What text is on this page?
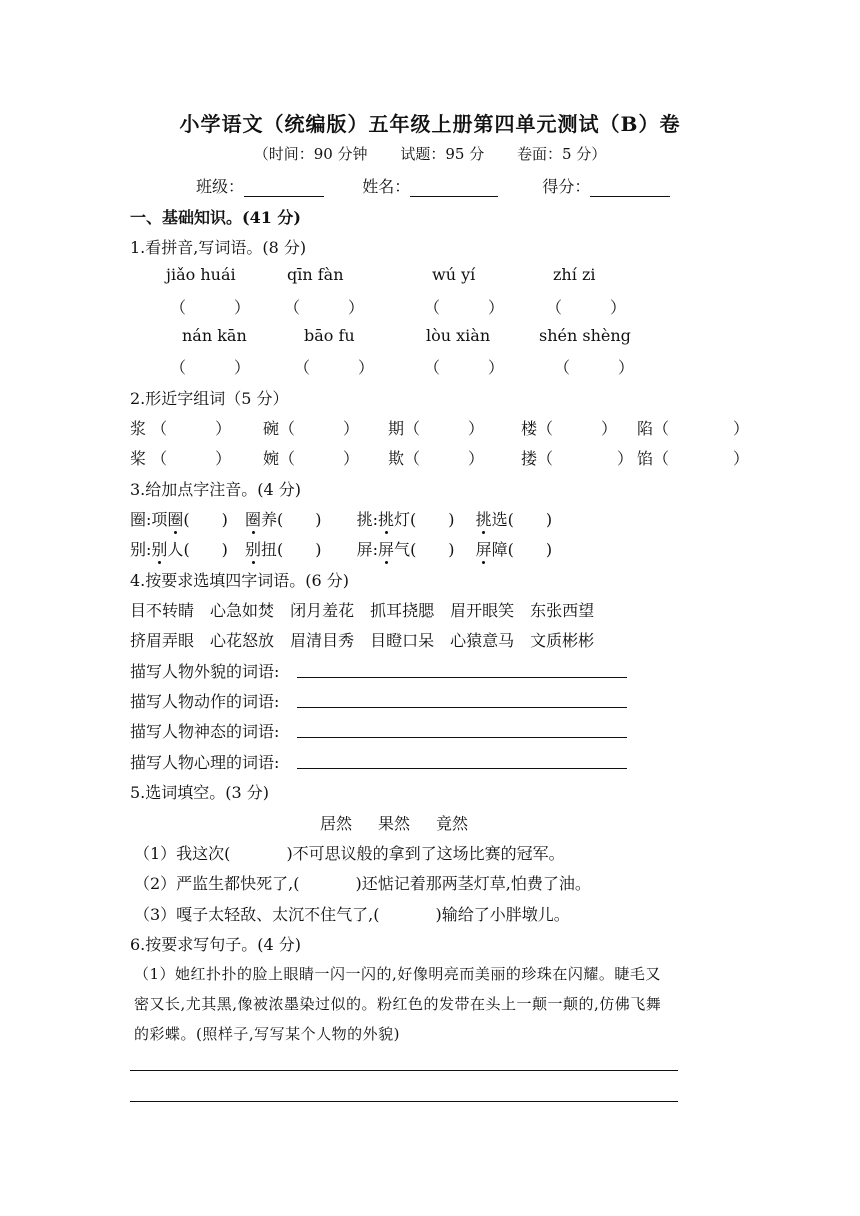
小学语文（统编版）五年级上册第四单元测试（B）卷
（时间：90 分钟 试题：95 分 卷面：5 分）
班级：	姓名：	得分：
一、基础知识。(41 分)
1.看拼音,写词语。(8 分)
jiǎo huái	qīn fàn	wú yí	zhí zi
（　　　） （　　　）	（　　　）	（　　　）
nán kān	bāo fu	lòu xiàn	shén shèng
（　　　）	（　　　）	（　　　）	（　　　）
2.形近字组词（5 分）
浆 （　　　） 碗（　　　） 期（　　　） 楼（　　　） 陷（　　　　）
桨 （　　　） 婉（　　　） 欺（　　　） 搂（　　　　） 馅（　　　　）
3.给加点字注音。(4 分)
圈:项圈(　　) 圈养(　　) 挑:挑灯(　　) 挑选(　　)
别:别人(　　) 别扭(　　) 屏:屏气(　　) 屏障(　　)
4.按要求选填四字词语。(6 分)
目不转睛　 心急如焚　 闭月羞花　 抓耳挠腮　 眉开眼笑　 东张西望
挤眉弄眼　 心花怒放　 眉清目秀　 目瞪口呆　 心猿意马　 文质彬彬
描写人物外貌的词语:
描写人物动作的词语:
描写人物神态的词语:
描写人物心理的词语:
5.选词填空。(3 分)
居然 果然 竟然
（1）我这次(	)不可思议般的拿到了这场比赛的冠军。
（2）严监生都快死了,(	)还惦记着那两茎灯草,怕费了油。
（3）嘎子太轻敌、太沉不住气了,(	)输给了小胖墩儿。
6.按要求写句子。(4 分)
（1）她红扑扑的脸上眼睛一闪一闪的,好像明亮而美丽的珍珠在闪耀。睫毛又
密又长,尤其黑,像被浓墨染过似的。粉红色的发带在头上一颠一颠的,仿佛飞舞
的彩蝶。(照样子,写写某个人物的外貌)
